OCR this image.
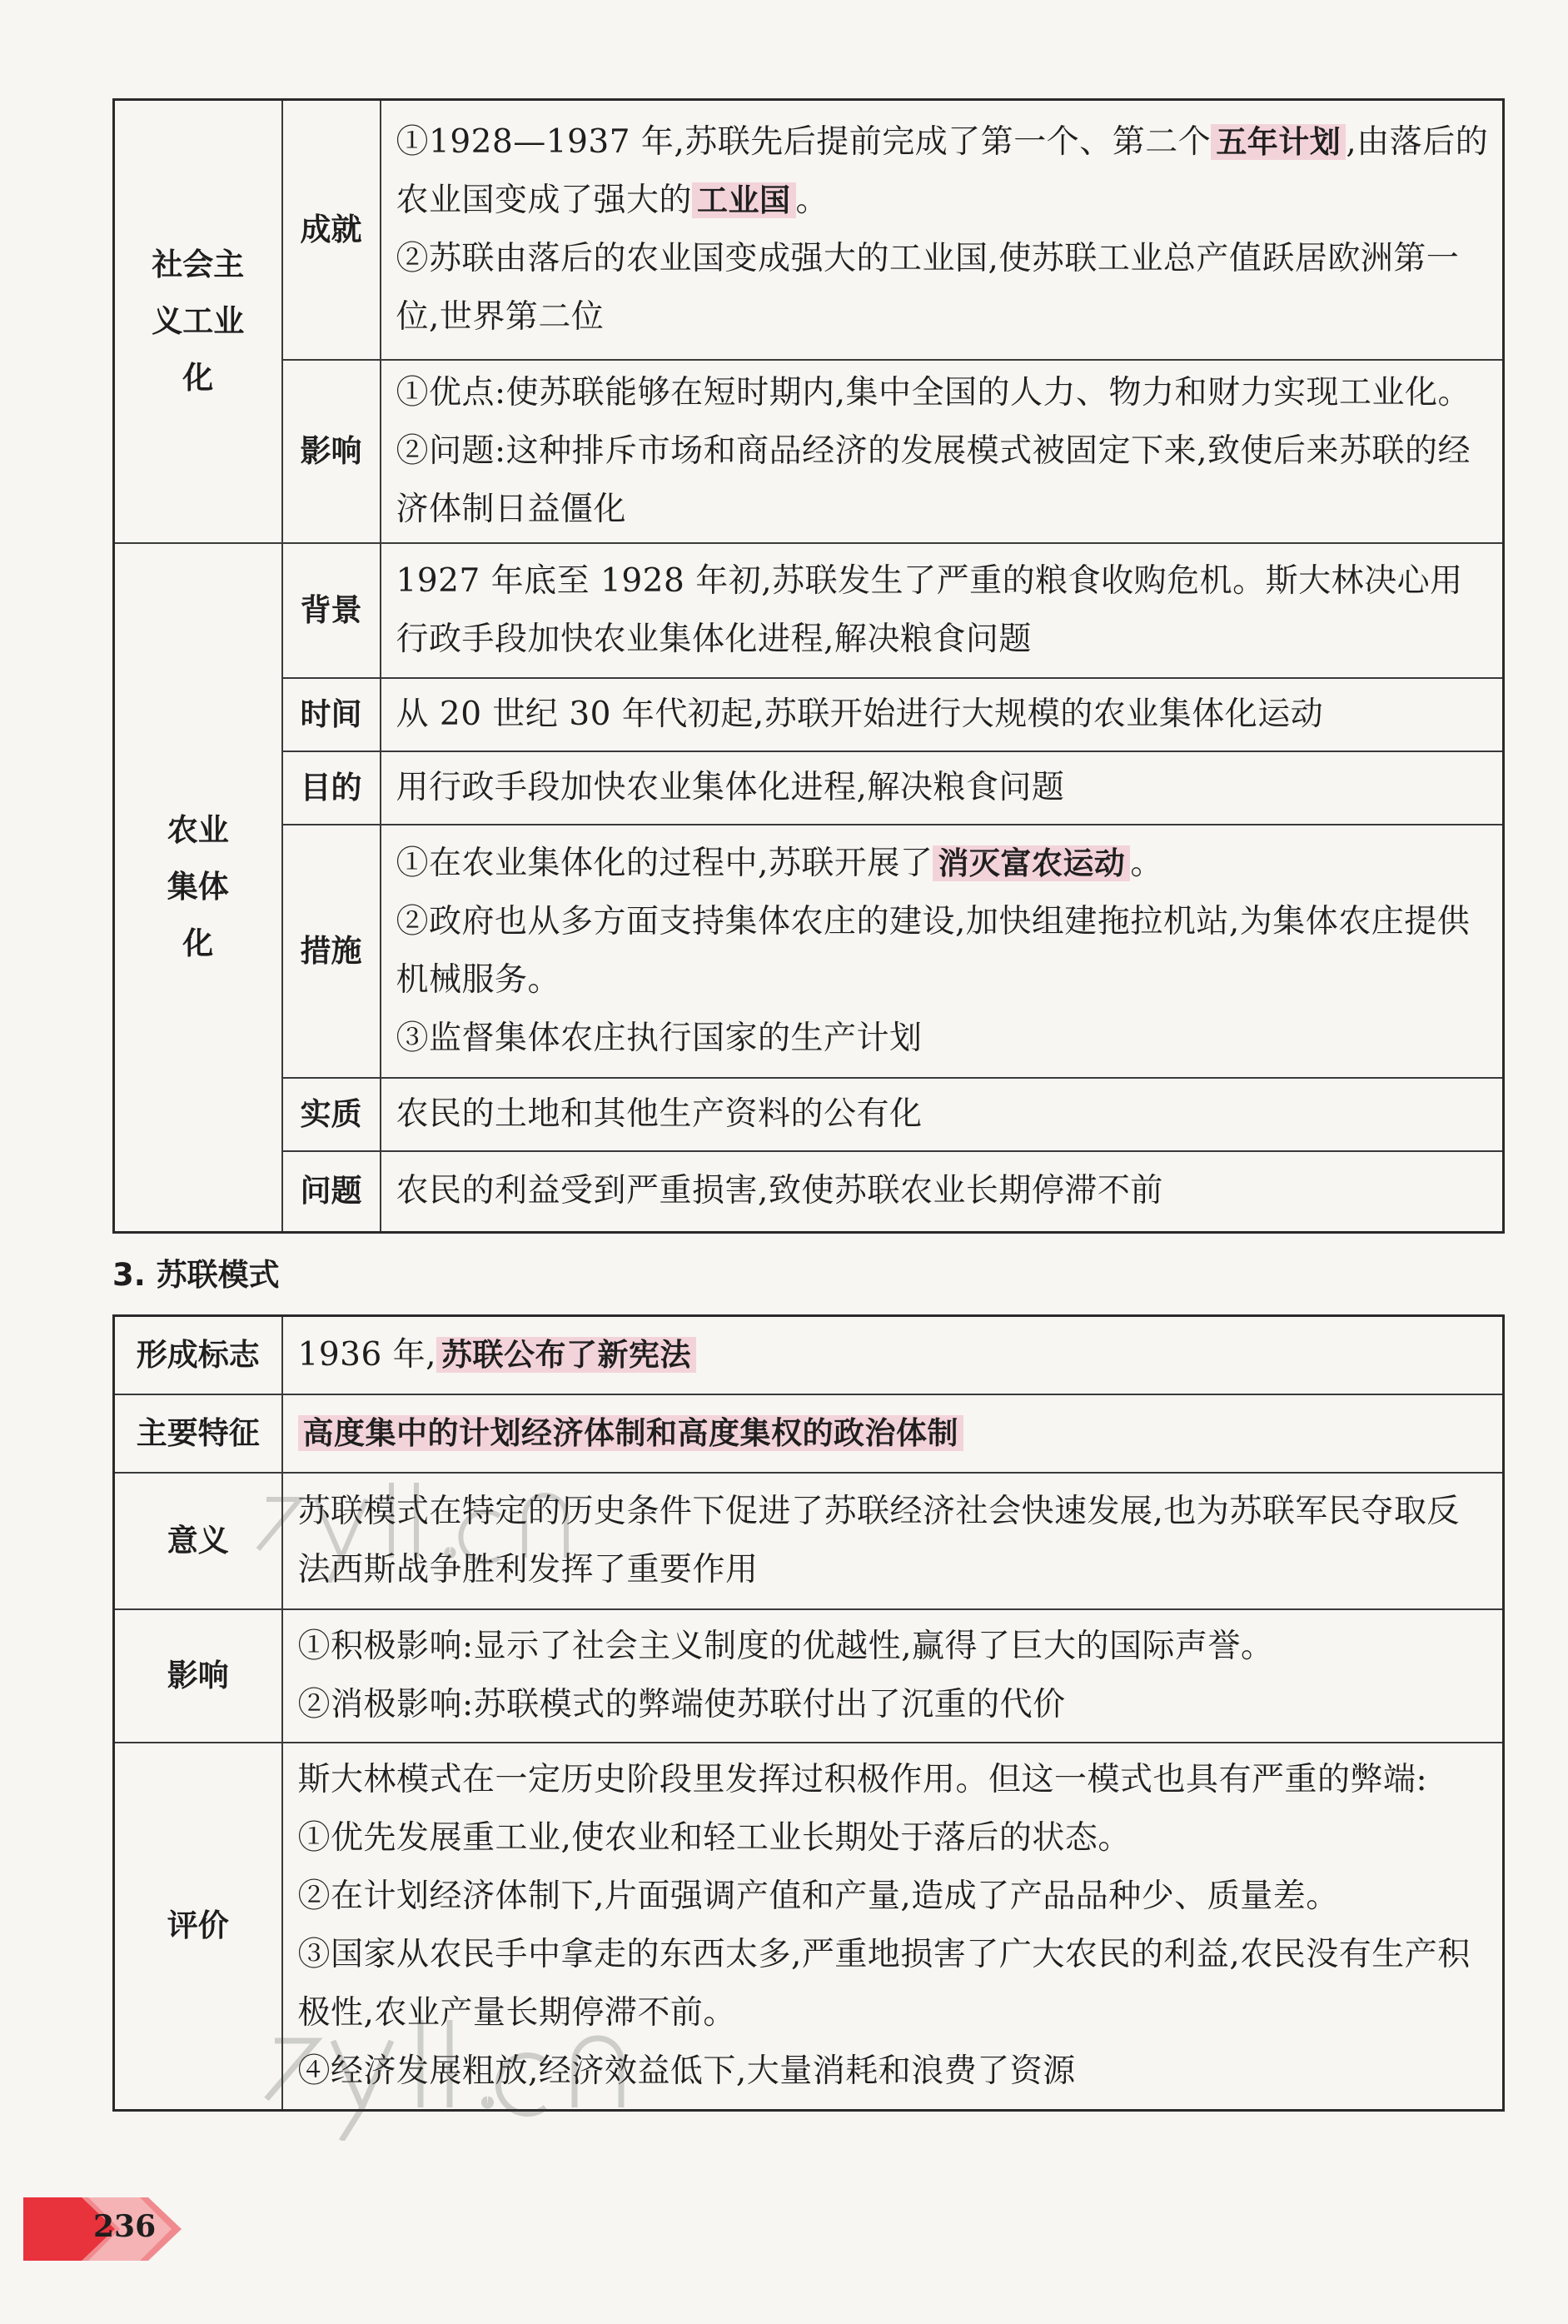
社会主义工业化	成就	①1928—1937 年,苏联先后提前完成了第一个、第二个 五年计划 ,由落后的农业国变成了强大的 工业国 。

②苏联由落后的农业国变成强大的工业国,使苏联工业总产值跃居欧洲第一位,世界第二位

	影响	①优点:使苏联能够在短时期内,集中全国的人力、物力和财力实现工业化。

②问题:这种排斥市场和商品经济的发展模式被固定下来,致使后来苏联的经济体制日益僵化

农业集体化	背景	1927 年底至 1928 年初,苏联发生了严重的粮食收购危机。斯大林决心用行政手段加快农业集体化进程,解决粮食问题
	时间	从 20 世纪 30 年代初起,苏联开始进行大规模的农业集体化运动
	目的	用行政手段加快农业集体化进程,解决粮食问题
	措施	①在农业集体化的过程中,苏联开展了 消灭富农运动 。

②政府也从多方面支持集体农庄的建设,加快组建拖拉机站,为集体农庄提供机械服务。

③监督集体农庄执行国家的生产计划

	实质	农民的土地和其他生产资料的公有化
	问题	农民的利益受到严重损害,致使苏联农业长期停滞不前
3. 苏联模式
形成标志	1936 年, 苏联公布了新宪法
主要特征	高度集中的计划经济体制和高度集权的政治体制
意义	苏联模式在特定的历史条件下促进了苏联经济社会快速发展,也为苏联军民夺取反法西斯战争胜利发挥了重要作用
影响	①积极影响:显示了社会主义制度的优越性,赢得了巨大的国际声誉。

②消极影响:苏联模式的弊端使苏联付出了沉重的代价

评价	斯大林模式在一定历史阶段里发挥过积极作用。但这一模式也具有严重的弊端:

①优先发展重工业,使农业和轻工业长期处于落后的状态。

②在计划经济体制下,片面强调产值和产量,造成了产品品种少、质量差。

③国家从农民手中拿走的东西太多,严重地损害了广大农民的利益,农民没有生产积极性,农业产量长期停滞不前。

④经济发展粗放,经济效益低下,大量消耗和浪费了资源

236
